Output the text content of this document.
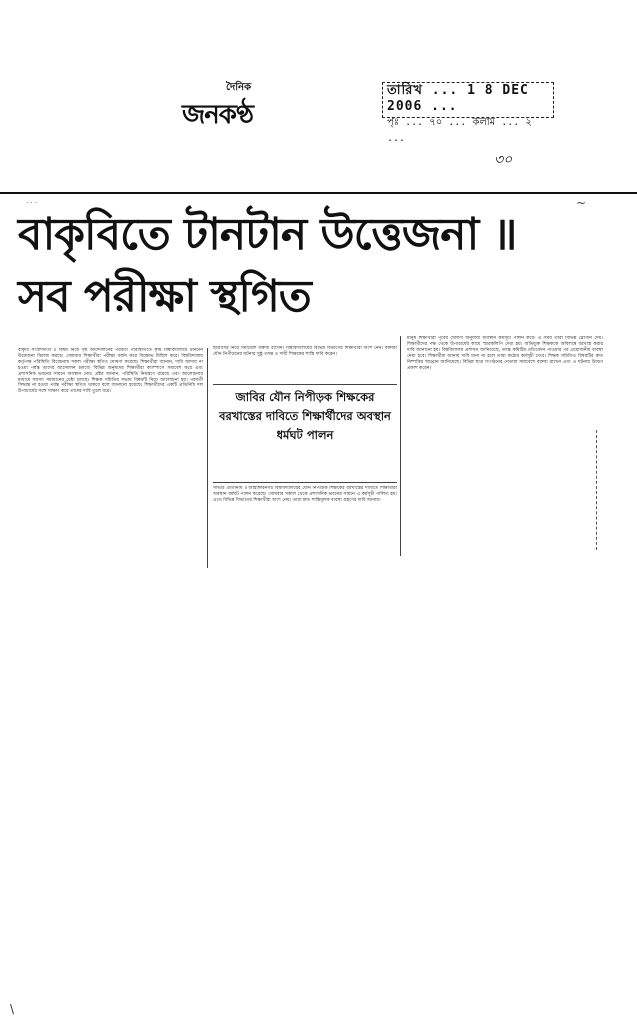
দৈনিক
জনকণ্ঠ
তারিখ ... 1 8 DEC 2006 ...
পৃঃ ... ৭০ ... কলাম ... ২ ...
৩০
· · ·	~
বাকৃবিতে টানটান উত্তেজনা ॥
সব পরীক্ষা স্থগিত
বাকৃবি সংবাদদাতা ॥ বিষয় নিয়ে সৃষ্ট আন্দোলনের পরবর্তী পরিস্থিতিতে কৃষি বিশ্ববিদ্যালয়ে টানটান উত্তেজনা বিরাজ করছে। সোমবার শিক্ষার্থীরা পরীক্ষা বর্জন করে বিক্ষোভ মিছিল করে। বিশ্ববিদ্যালয় কর্তৃপক্ষ পরিস্থিতি বিবেচনায় সকল পরীক্ষা স্থগিত ঘোষণা করেছে। শিক্ষার্থীরা জানান, দাবি আদায় না হওয়া পর্যন্ত তাদের আন্দোলন চলবে। বিভিন্ন অনুষদের শিক্ষার্থীরা ক্যাম্পাসে সমাবেশ করে এবং প্রশাসনিক ভবনের সামনে অবস্থান নেয়। প্রক্টর জানান, পরিস্থিতি নিয়ন্ত্রণে রয়েছে এবং আলোচনার মাধ্যমে সমস্যা সমাধানের চেষ্টা চলছে। শিক্ষক সমিতির সভায় বিষয়টি নিয়ে আলোচনা হয়। পরবর্তী সিদ্ধান্ত না হওয়া পর্যন্ত পরীক্ষা স্থগিত থাকবে বলে জানানো হয়েছে। শিক্ষার্থীদের একটি প্রতিনিধি দল উপাচার্যের সঙ্গে সাক্ষাৎ করে তাদের দাবি তুলে ধরে।
ছাত্রীদের নিয়ে সমাবেশে বক্তব্য রাখেন। বিশ্ববিদ্যালয়ের বিভিন্ন বিভাগের শিক্ষার্থীরা অংশ নেন। বক্তারা যৌন নিপীড়নের ঘটনার সুষ্ঠু তদন্ত ও দায়ী শিক্ষকের শাস্তি দাবি করেন।
জাবির যৌন নিপীড়ক শিক্ষকের বরখাস্তের দাবিতে শিক্ষার্থীদের অবস্থান ধর্মঘট পালন
সাভার প্রতিনিধি ॥ জাহাঙ্গীরনগর বিশ্ববিদ্যালয়ের যৌন নিপীড়ক শিক্ষকের বরখাস্তের দাবিতে শিক্ষার্থীরা অবস্থান ধর্মঘট পালন করেছে। সোমবার সকাল থেকে প্রশাসনিক ভবনের সামনে এ কর্মসূচী পালিত হয়। এতে বিভিন্ন বিভাগের শিক্ষার্থীরা অংশ নেয়। তারা দ্রুত শাস্তিমূলক ব্যবস্থা গ্রহণের দাবি জানায়।
মানুষ শিক্ষার্থীরা পূর্বের ঘোষণা অনুযায়ী অবস্থান কর্মসূচী পালন করে। এ সময় তারা বিভিন্ন স্লোগান দেয়। শিক্ষার্থীদের পক্ষ থেকে উপাচার্যের কাছে স্মারকলিপি দেয়া হয়। অভিযুক্ত শিক্ষককে অবিলম্বে বরখাস্ত করার দাবি জানানো হয়। বিশ্ববিদ্যালয় প্রশাসন জানিয়েছে, তদন্ত কমিটির প্রতিবেদন পাওয়ার পর প্রয়োজনীয় ব্যবস্থা নেয়া হবে। শিক্ষার্থীরা জানায় দাবি মানা না হলে তারা কঠোর কর্মসূচী দেবে। শিক্ষক সমিতিও বিষয়টির দ্রুত নিষ্পত্তির আহ্বান জানিয়েছে। বিভিন্ন ছাত্র সংগঠনের নেতারা সমাবেশে বক্তব্য রাখেন এবং এ ঘটনায় উদ্বেগ প্রকাশ করেন।
\
